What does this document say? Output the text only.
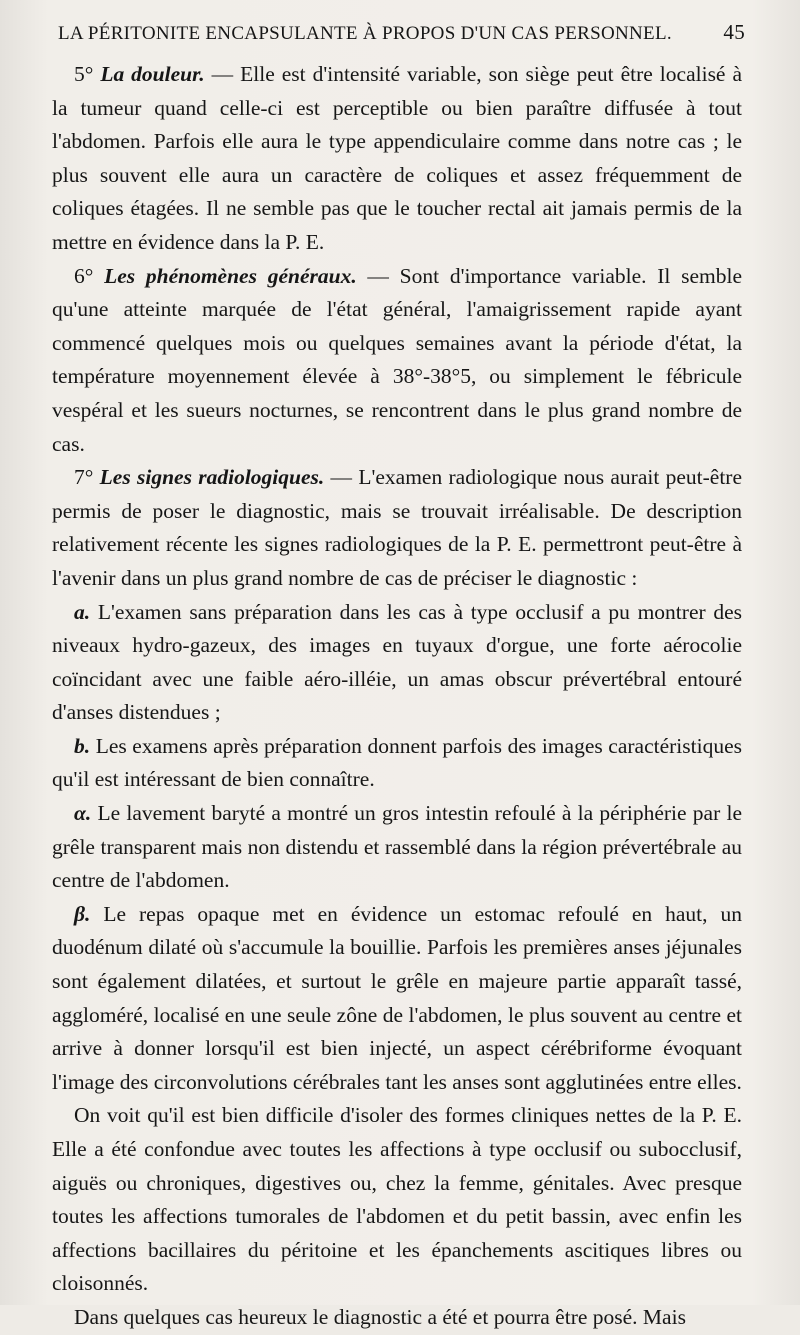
LA PÉRITONITE ENCAPSULANTE À PROPOS D'UN CAS PERSONNEL. 45

5° La douleur. — Elle est d'intensité variable, son siège peut être localisé à la tumeur quand celle-ci est perceptible ou bien paraître diffusée à tout l'abdomen. Parfois elle aura le type appendiculaire comme dans notre cas ; le plus souvent elle aura un caractère de coliques et assez fréquemment de coliques étagées. Il ne semble pas que le toucher rectal ait jamais permis de la mettre en évidence dans la P. E.

6° Les phénomènes généraux. — Sont d'importance variable. Il semble qu'une atteinte marquée de l'état général, l'amaigrissement rapide ayant commencé quelques mois ou quelques semaines avant la période d'état, la température moyennement élevée à 38°-38°5, ou simplement le fébricule vespéral et les sueurs nocturnes, se rencontrent dans le plus grand nombre de cas.

7° Les signes radiologiques. — L'examen radiologique nous aurait peut-être permis de poser le diagnostic, mais se trouvait irréalisable. De description relativement récente les signes radiologiques de la P. E. permettront peut-être à l'avenir dans un plus grand nombre de cas de préciser le diagnostic :

a. L'examen sans préparation dans les cas à type occlusif a pu montrer des niveaux hydro-gazeux, des images en tuyaux d'orgue, une forte aérocolie coïncidant avec une faible aéro-illéie, un amas obscur prévertébral entouré d'anses distendues ;

b. Les examens après préparation donnent parfois des images caractéristiques qu'il est intéressant de bien connaître.

α. Le lavement baryté a montré un gros intestin refoulé à la périphérie par le grêle transparent mais non distendu et rassemblé dans la région prévertébrale au centre de l'abdomen.

β. Le repas opaque met en évidence un estomac refoulé en haut, un duodénum dilaté où s'accumule la bouillie. Parfois les premières anses jéjunales sont également dilatées, et surtout le grêle en majeure partie apparaît tassé, aggloméré, localisé en une seule zône de l'abdomen, le plus souvent au centre et arrive à donner lorsqu'il est bien injecté, un aspect cérébriforme évoquant l'image des circonvolutions cérébrales tant les anses sont agglutinées entre elles.

On voit qu'il est bien difficile d'isoler des formes cliniques nettes de la P. E. Elle a été confondue avec toutes les affections à type occlusif ou subocclusif, aiguës ou chroniques, digestives ou, chez la femme, génitales. Avec presque toutes les affections tumorales de l'abdomen et du petit bassin, avec enfin les affections bacillaires du péritoine et les épanchements ascitiques libres ou cloisonnés.

Dans quelques cas heureux le diagnostic a été et pourra être posé. Mais
